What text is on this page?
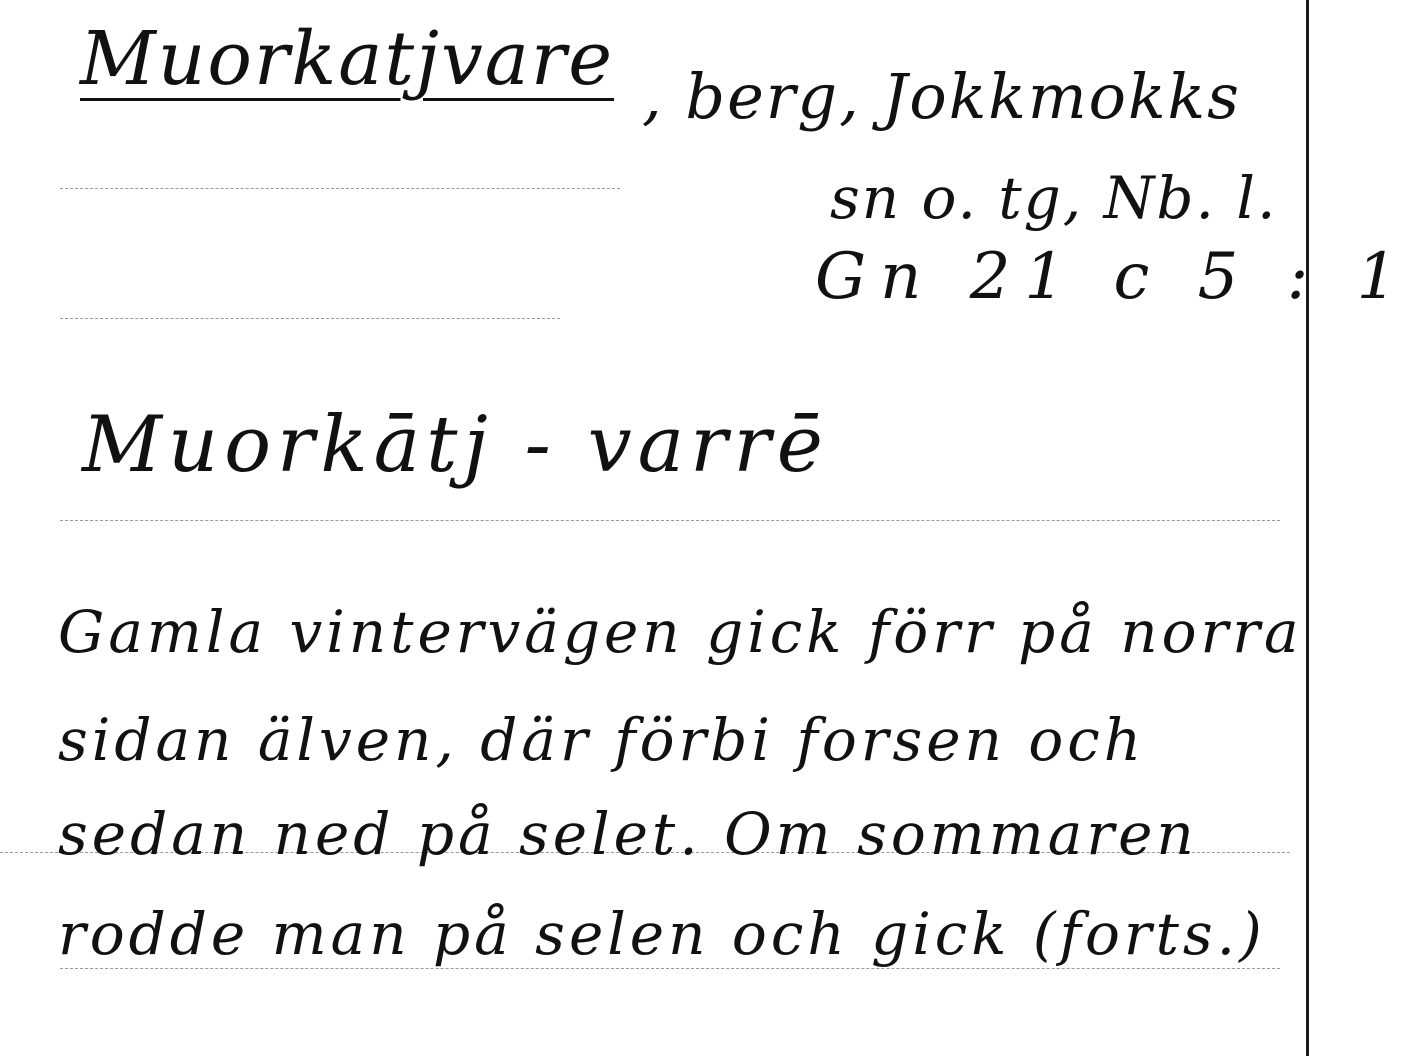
Muorkatjvare , berg, Jokkmokks
sn o. tg, Nb. l.
Gn 21 c 5 : 1
Muorkātj - varrē
Gamla vintervägen gick förr på norra
sidan älven, där förbi forsen och
sedan ned på selet. Om sommaren
rodde man på selen och gick (forts.)
